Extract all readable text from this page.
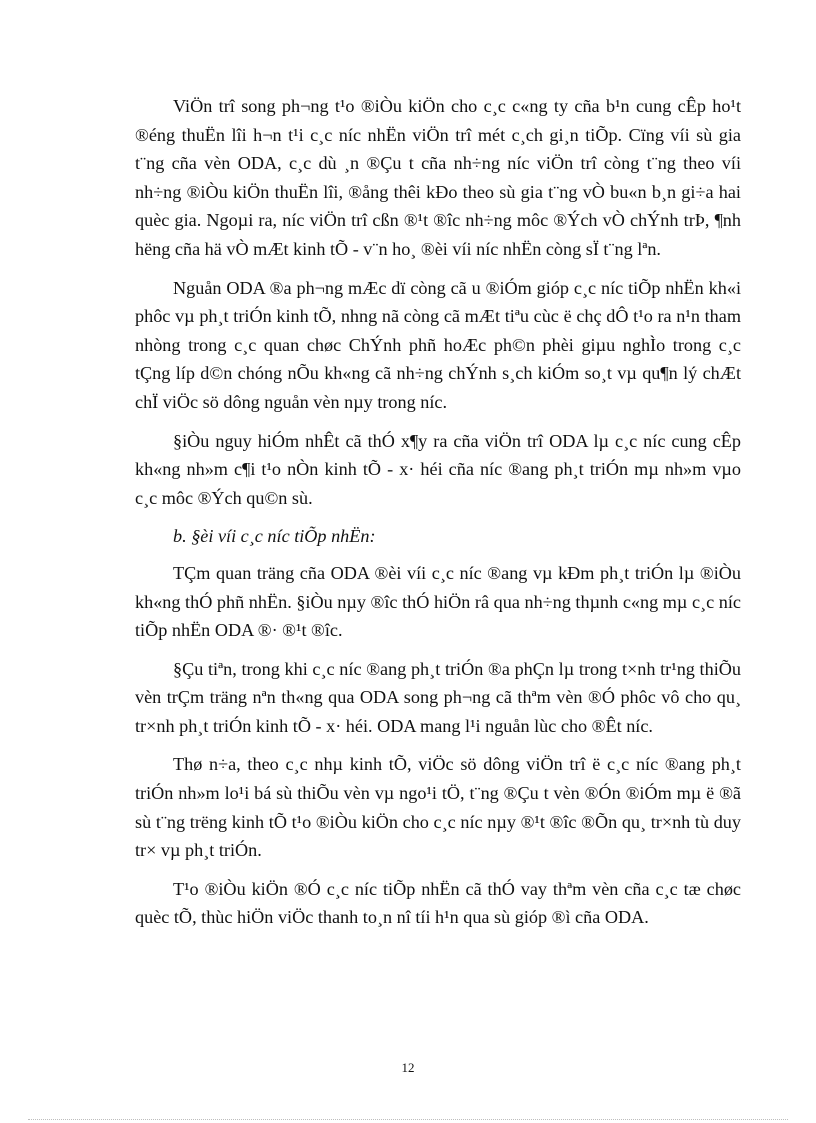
ViÖn trî song ph¬ng t¹o ®iÒu kiÖn cho c¸c c«ng ty cña b¹n cung cÊp ho¹t ®éng thuËn lîi h¬n t¹i c¸c níc nhËn viÖn trî mét c¸ch gi¸n tiÕp. Cïng víi sù gia t¨ng cña vèn ODA, c¸c dù ¸n ®Çu t cña nh÷ng níc viÖn trî còng t¨ng theo víi nh÷ng ®iÒu kiÖn thuËn lîi, ®ång thêi kÐo theo sù gia t¨ng vÒ bu«n b¸n gi÷a hai quèc gia. Ngoµi ra, níc viÖn trî cßn ®¹t ®îc nh÷ng môc ®Ých vÒ chÝnh trÞ, ¶nh hëng cña hä vÒ mÆt kinh tÕ - v¨n ho¸ ®èi víi níc nhËn còng sÏ t¨ng lªn.

Nguån ODA ®a ph¬ng mÆc dï còng cã u ®iÓm gióp c¸c níc tiÕp nhËn kh«i phôc vµ ph¸t triÓn kinh tÕ, nhng nã còng cã mÆt tiªu cùc ë chç dÔ t¹o ra n¹n tham nhòng trong c¸c quan chøc ChÝnh phñ hoÆc ph©n phèi giµu nghÌo trong c¸c tÇng líp d©n chóng nÕu kh«ng cã nh÷ng chÝnh s¸ch kiÓm so¸t vµ qu¶n lý chÆt chÏ viÖc sö dông nguån vèn nµy trong níc.

§iÒu nguy hiÓm nhÊt cã thÓ x¶y ra cña viÖn trî ODA lµ c¸c níc cung cÊp kh«ng nh»m c¶i t¹o nÒn kinh tÕ - x· héi cña níc ®ang ph¸t triÓn mµ nh»m vµo c¸c môc ®Ých qu©n sù.

b. §èi víi c¸c níc tiÕp nhËn:

TÇm quan träng cña ODA ®èi víi c¸c níc ®ang vµ kÐm ph¸t triÓn lµ ®iÒu kh«ng thÓ phñ nhËn. §iÒu nµy ®îc thÓ hiÖn râ qua nh÷ng thµnh c«ng mµ c¸c níc tiÕp nhËn ODA ®· ®¹t ®îc.

§Çu tiªn, trong khi c¸c níc ®ang ph¸t triÓn ®a phÇn lµ trong t×nh tr¹ng thiÕu vèn trÇm träng nªn th«ng qua ODA song ph¬ng cã thªm vèn ®Ó phôc vô cho qu¸ tr×nh ph¸t triÓn kinh tÕ - x· héi. ODA mang l¹i nguån lùc cho ®Êt níc.

Thø n÷a, theo c¸c nhµ kinh tÕ, viÖc sö dông viÖn trî ë c¸c níc ®ang ph¸t triÓn nh»m lo¹i bá sù thiÕu vèn vµ ngo¹i tÖ, t¨ng ®Çu t vèn ®Ón ®iÓm mµ ë ®ã sù t¨ng trëng kinh tÕ t¹o ®iÒu kiÖn cho c¸c níc nµy ®¹t ®îc ®Õn qu¸ tr×nh tù duy tr× vµ ph¸t triÓn.

T¹o ®iÒu kiÖn ®Ó c¸c níc tiÕp nhËn cã thÓ vay thªm vèn cña c¸c tæ chøc quèc tÕ, thùc hiÖn viÖc thanh to¸n nî tíi h¹n qua sù gióp ®ì cña ODA.

12
